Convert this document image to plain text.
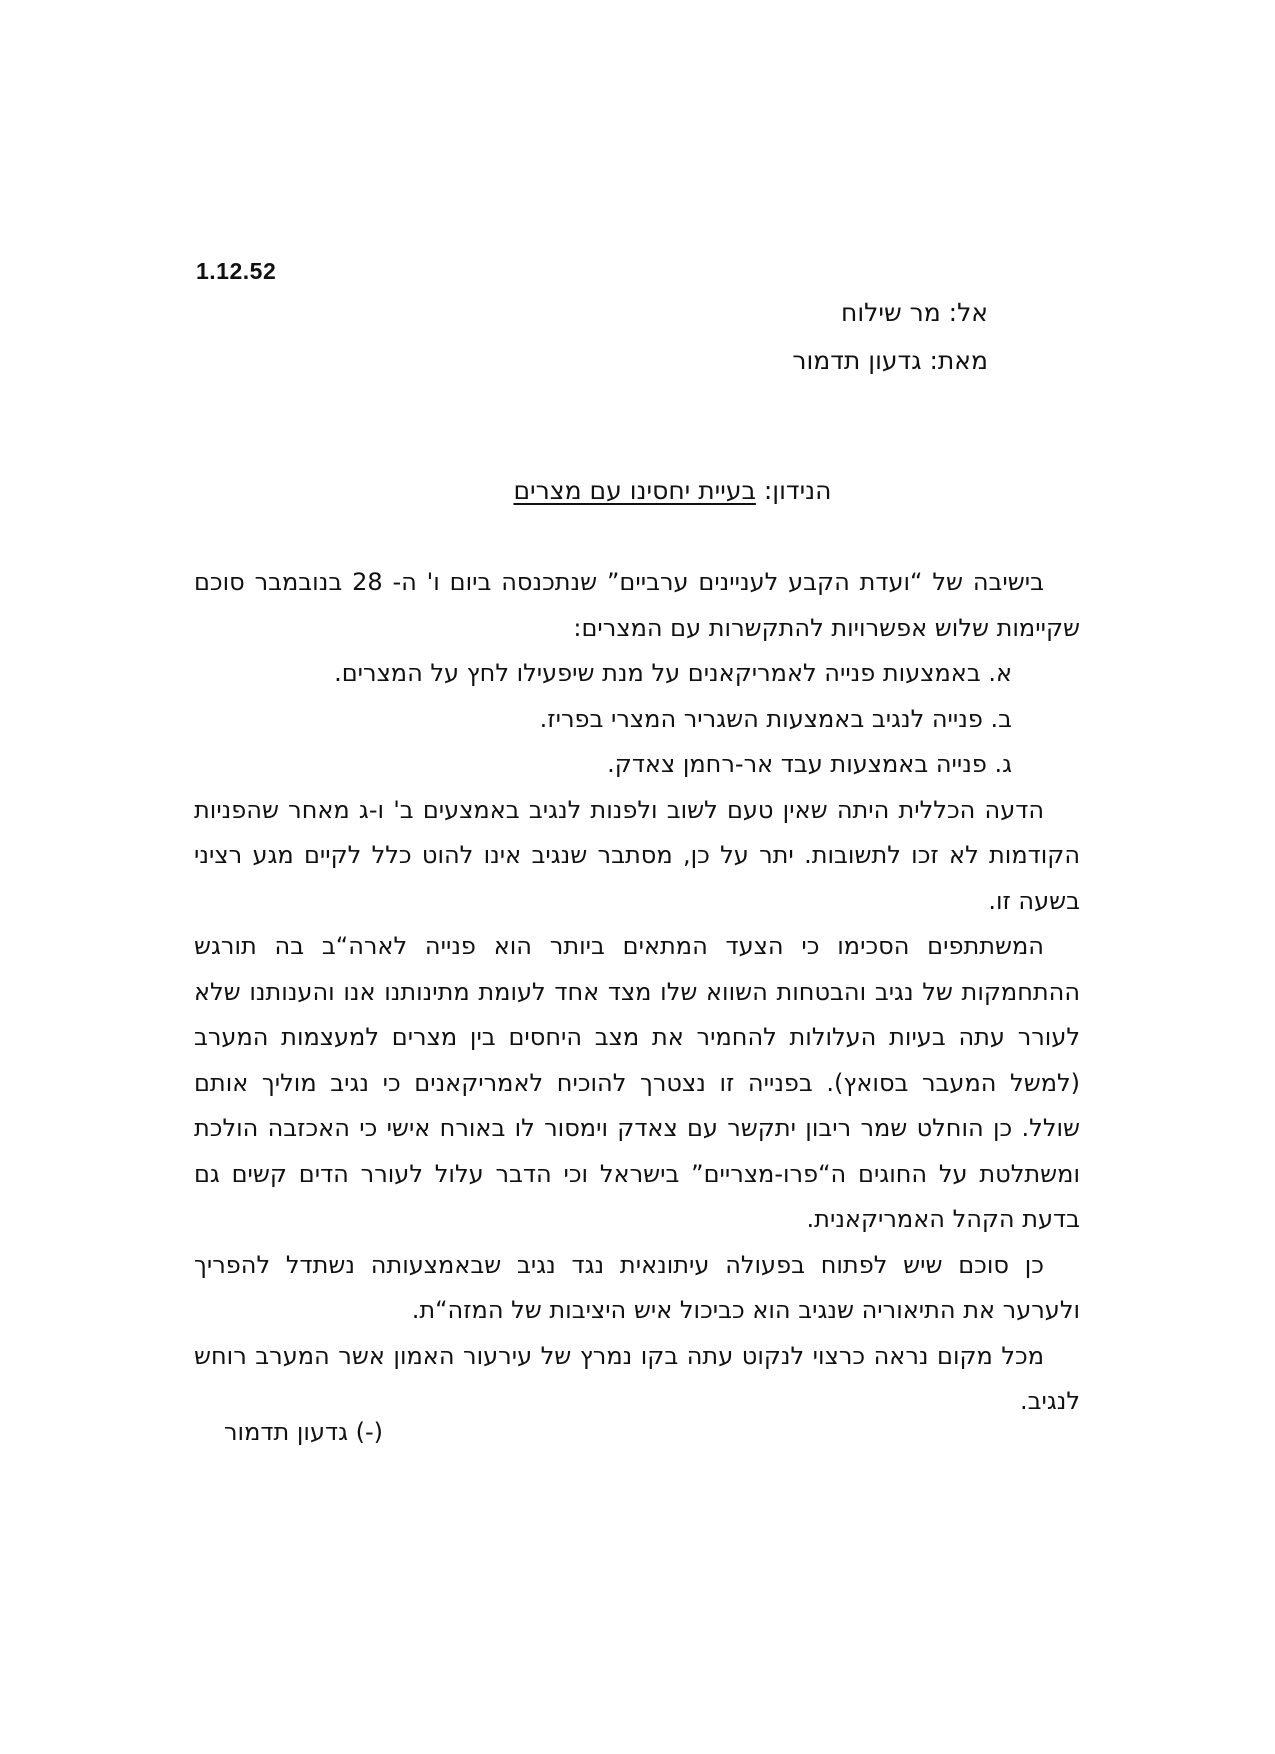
1.12.52
אל: מר שילוח
מאת: גדעון תדמור
הנידון: בעיית יחסינו עם מצרים

בישיבה של “ועדת הקבע לעניינים ערביים” שנתכנסה ביום ו' ה- 28 בנובמבר סוכם שקיימות שלוש אפשרויות להתקשרות עם המצרים:

א. באמצעות פנייה לאמריקאנים על מנת שיפעילו לחץ על המצרים.

ב. פנייה לנגיב באמצעות השגריר המצרי בפריז.

ג. פנייה באמצעות עבד אר-רחמן צאדק.

הדעה הכללית היתה שאין טעם לשוב ולפנות לנגיב באמצעים ב' ו-ג מאחר שהפניות הקודמות לא זכו לתשובות. יתר על כן, מסתבר שנגיב אינו להוט כלל לקיים מגע רציני בשעה זו.

המשתתפים הסכימו כי הצעד המתאים ביותר הוא פנייה לארה“ב בה תורגש ההתחמקות של נגיב והבטחות השווא שלו מצד אחד לעומת מתינותנו אנו והענותנו שלא לעורר עתה בעיות העלולות להחמיר את מצב היחסים בין מצרים למעצמות המערב (למשל המעבר בסואץ). בפנייה זו נצטרך להוכיח לאמריקאנים כי נגיב מוליך אותם שולל. כן הוחלט שמר ריבון יתקשר עם צאדק וימסור לו באורח אישי כי האכזבה הולכת ומשתלטת על החוגים ה“פרו-מצריים” בישראל וכי הדבר עלול לעורר הדים קשים גם בדעת הקהל האמריקאנית.

כן סוכם שיש לפתוח בפעולה עיתונאית נגד נגיב שבאמצעותה נשתדל להפריך ולערער את התיאוריה שנגיב הוא כביכול איש היציבות של המזה“ת.

מכל מקום נראה כרצוי לנקוט עתה בקו נמרץ של עירעור האמון אשר המערב רוחש לנגיב.

(-) גדעון תדמור
